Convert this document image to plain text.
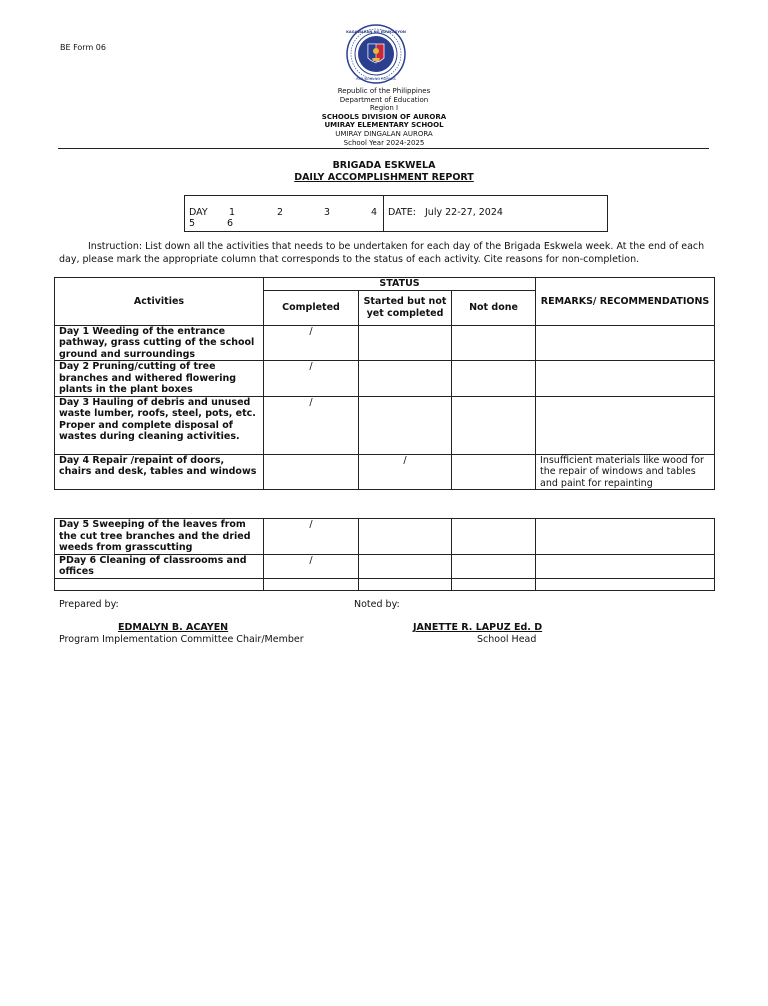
BE Form 06
KAGAWARAN NG EDUKASYON
REPUBLIKA NG PILIPINAS
Republic of the Philippines
Department of Education
Region I
SCHOOLS DIVISION OF AURORA
UMIRAY ELEMENTARY SCHOOL
UMIRAY DINGALAN AURORA
School Year 2024-2025
BRIGADA ESKWELA
DAILY ACCOMPLISHMENT REPORT
DAY 1	2	3	4
5	6
DATE: July 22-27, 2024
Instruction: List down all the activities that needs to be undertaken for each day of the Brigada Eskwela week. At the end of each day, please mark the appropriate column that corresponds to the status of each activity. Cite reasons for non-completion.
Activities	STATUS			REMARKS/ RECOMMENDATIONS
	Completed	Started but not yet completed	Not done	
Day 1 Weeding of the entrance pathway, grass cutting of the school ground and surroundings	/			
Day 2 Pruning/cutting of tree branches and withered flowering plants in the plant boxes	/			
Day 3 Hauling of debris and unused waste lumber, roofs, steel, pots, etc. Proper and complete disposal of wastes during cleaning activities.	/			
Day 4 Repair /repaint of doors, chairs and desk, tables and windows		/		Insufficient materials like wood for the repair of windows and tables and paint for repainting
Day 5 Sweeping of the leaves from the cut tree branches and the dried weeds from grasscutting	/			
PDay 6 Cleaning of classrooms and offices	/			

Prepared by:	Noted by:
EDMALYN B. ACAYEN
Program Implementation Committee Chair/Member
JANETTE R. LAPUZ Ed. D
School Head
